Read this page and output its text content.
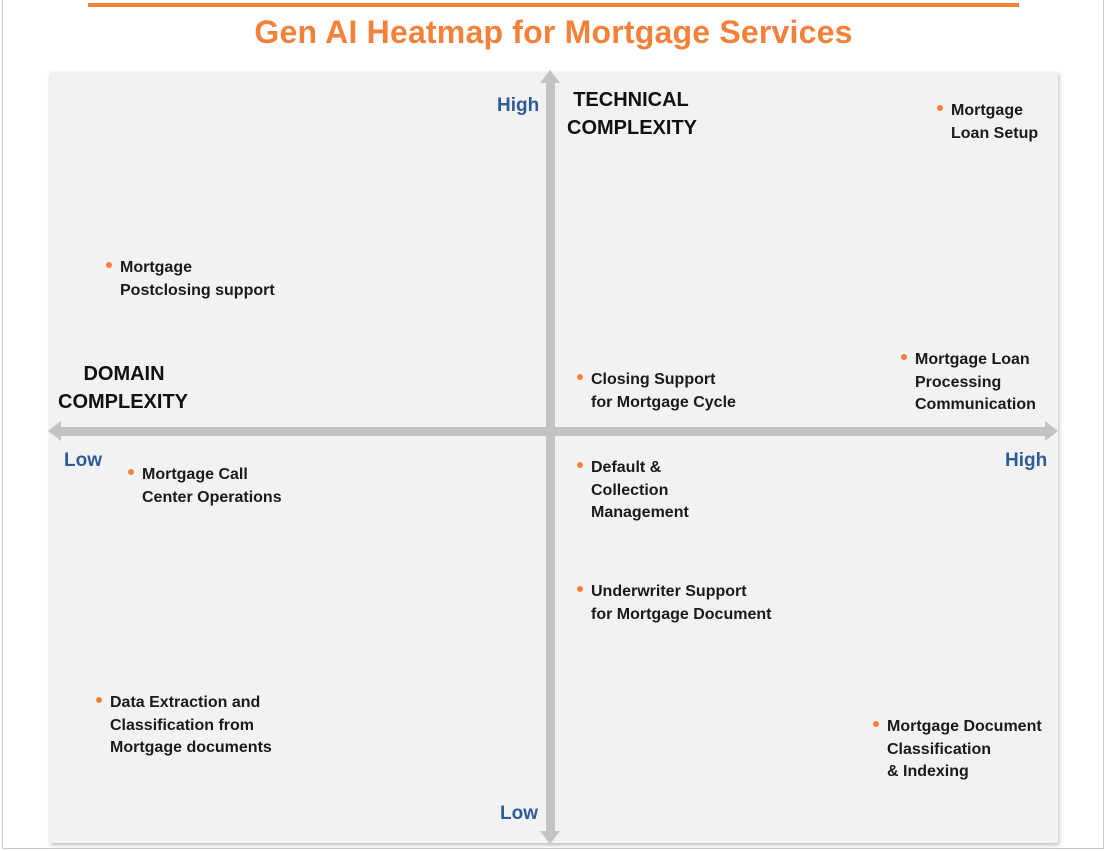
Gen AI Heatmap for Mortgage Services
High
Low
Low	High
TECHNICAL
COMPLEXITY
DOMAIN
COMPLEXITY
Mortgage
Loan Setup
Mortgage
Postclosing support
Closing Support
for Mortgage Cycle
Mortgage Loan
Processing
Communication
Mortgage Call
Center Operations
Default &
Collection
Management
Underwriter Support
for Mortgage Document
Data Extraction and
Classification from
Mortgage documents
Mortgage Document
Classification
& Indexing
